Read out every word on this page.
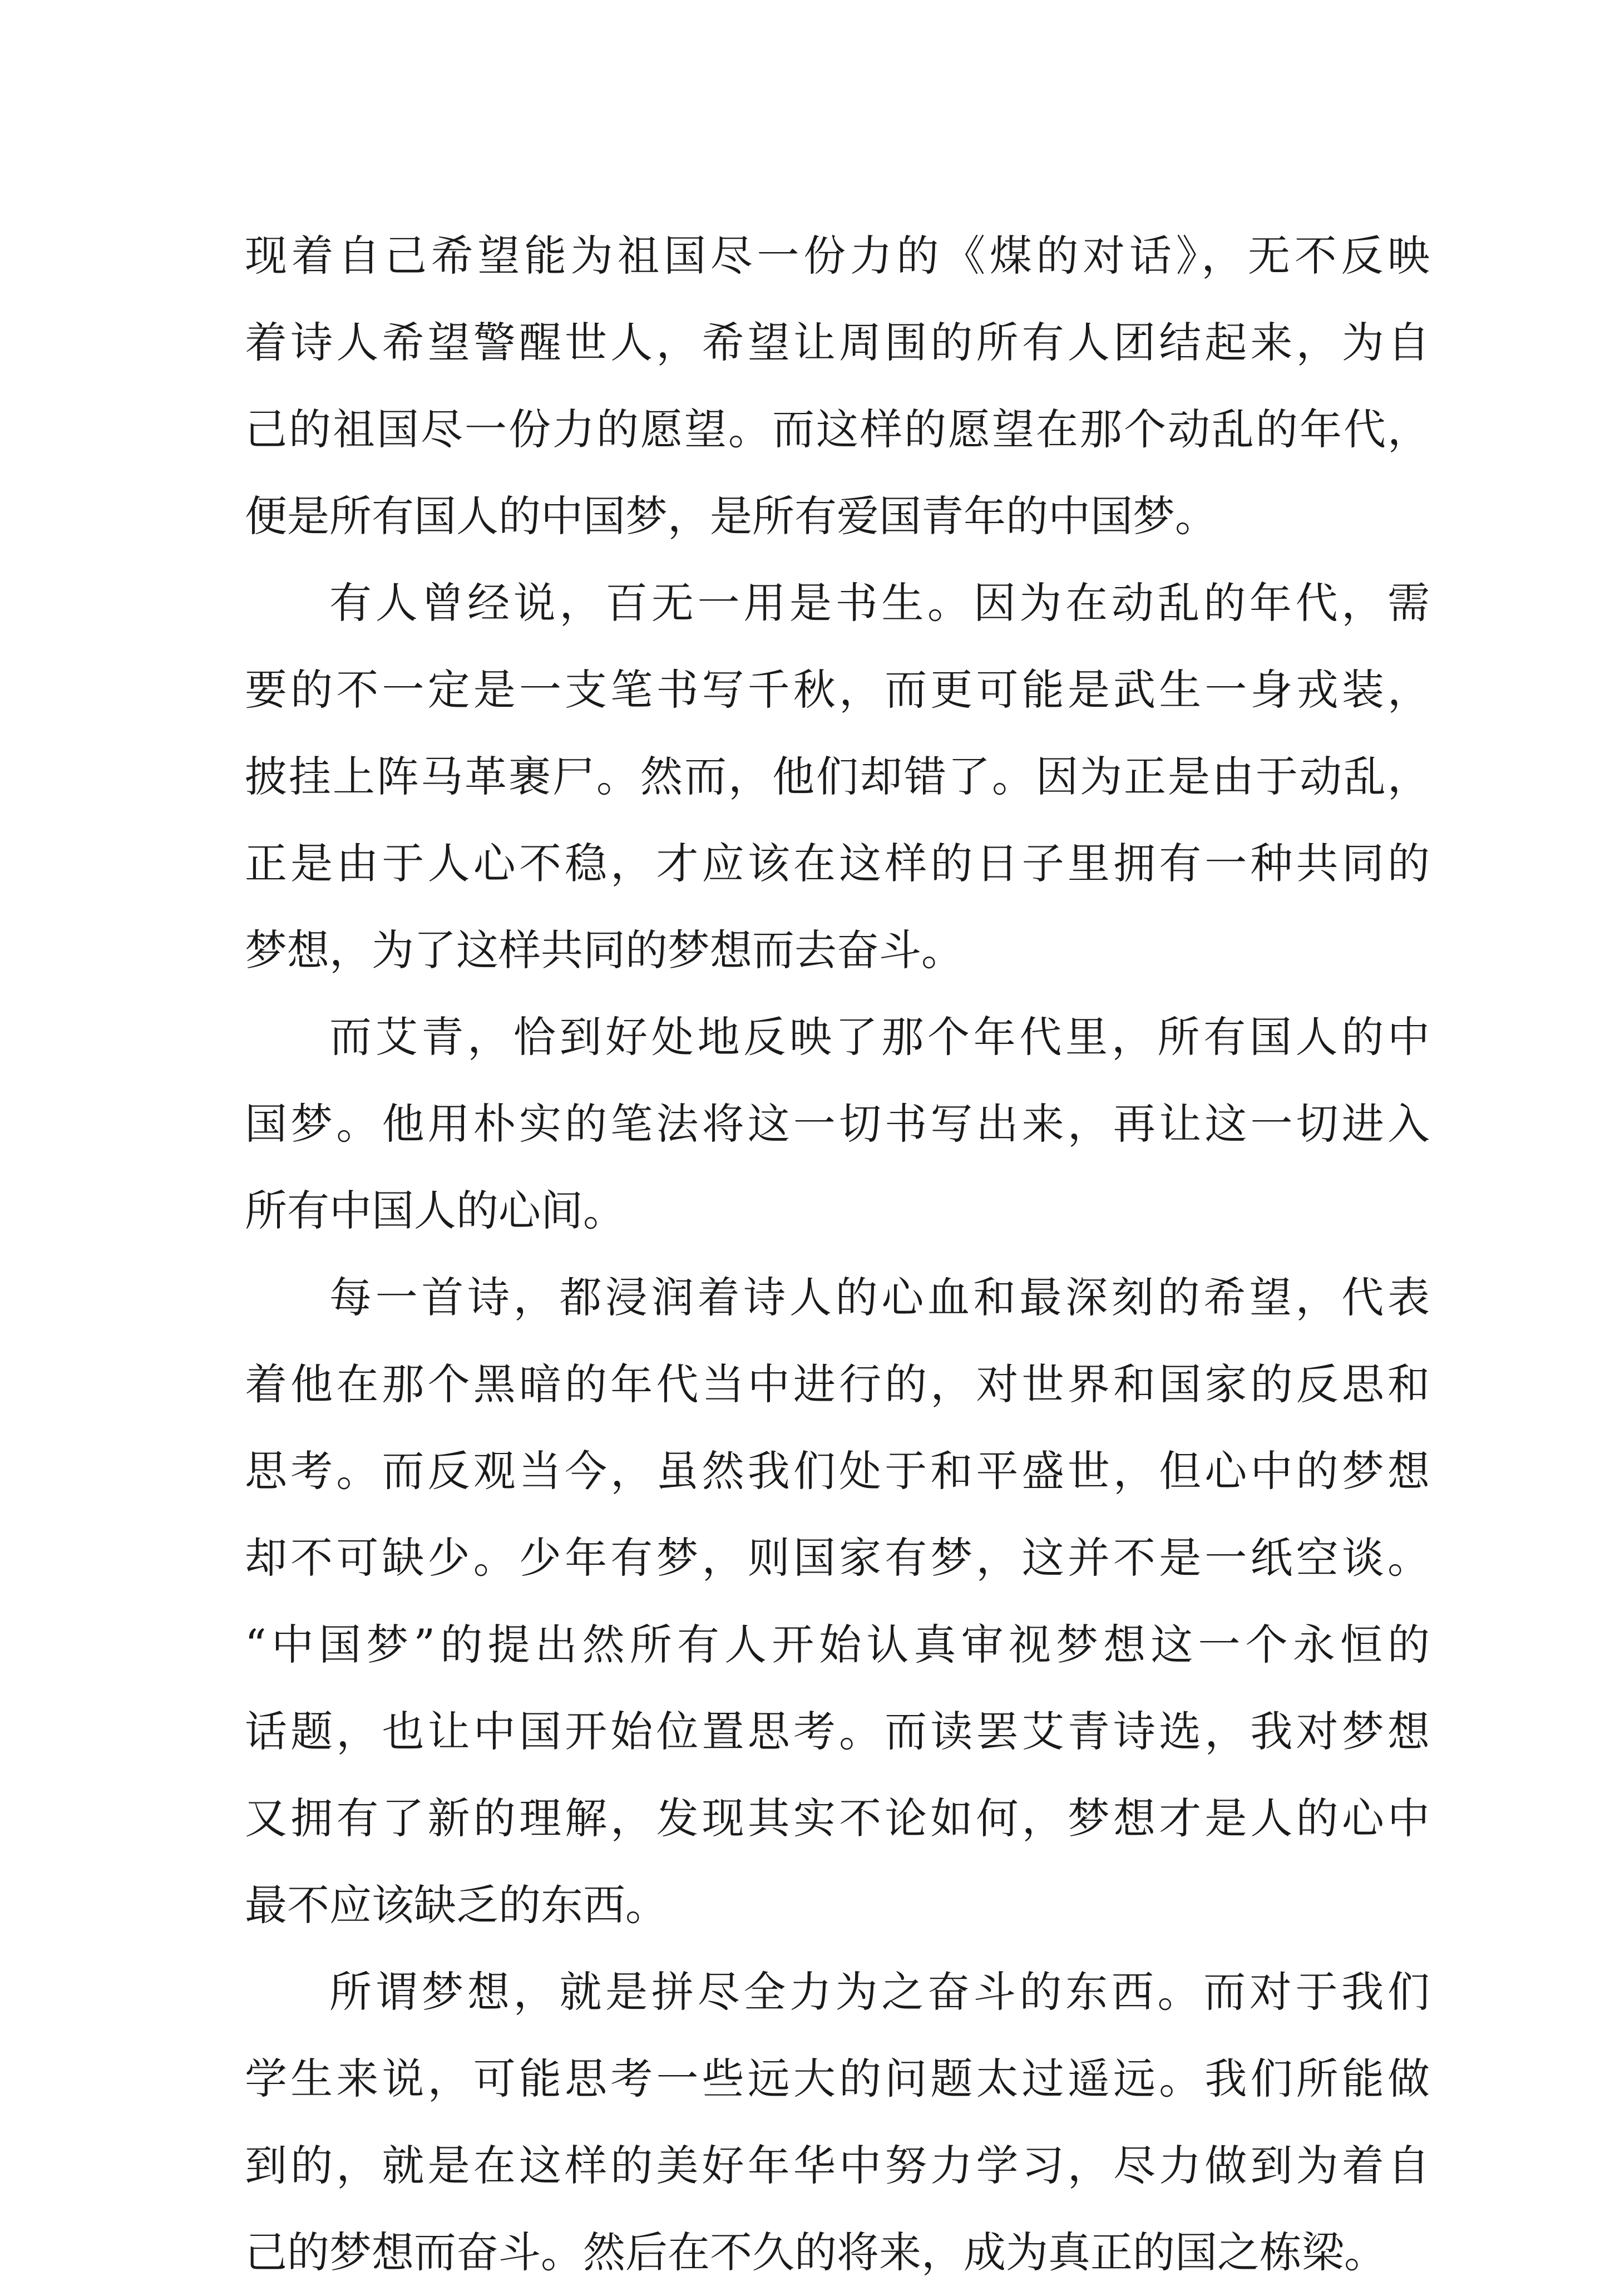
现着自己希望能为祖国尽一份力的《煤的对话》，无不反映
着诗人希望警醒世人，希望让周围的所有人团结起来，为自
己的祖国尽一份力的愿望。而这样的愿望在那个动乱的年代，
便是所有国人的中国梦，是所有爱国青年的中国梦。
有人曾经说，百无一用是书生。因为在动乱的年代，需
要的不一定是一支笔书写千秋，而更可能是武生一身戎装，
披挂上阵马革裹尸。然而，他们却错了。因为正是由于动乱，
正是由于人心不稳，才应该在这样的日子里拥有一种共同的
梦想，为了这样共同的梦想而去奋斗。
而艾青，恰到好处地反映了那个年代里，所有国人的中
国梦。他用朴实的笔法将这一切书写出来，再让这一切进入
所有中国人的心间。
每一首诗，都浸润着诗人的心血和最深刻的希望，代表
着他在那个黑暗的年代当中进行的，对世界和国家的反思和
思考。而反观当今，虽然我们处于和平盛世，但心中的梦想
却不可缺少。少年有梦，则国家有梦，这并不是一纸空谈。
“中国梦”的提出然所有人开始认真审视梦想这一个永恒的
话题，也让中国开始位置思考。而读罢艾青诗选，我对梦想
又拥有了新的理解，发现其实不论如何，梦想才是人的心中
最不应该缺乏的东西。
所谓梦想，就是拼尽全力为之奋斗的东西。而对于我们
学生来说，可能思考一些远大的问题太过遥远。我们所能做
到的，就是在这样的美好年华中努力学习，尽力做到为着自
己的梦想而奋斗。然后在不久的将来，成为真正的国之栋梁。
